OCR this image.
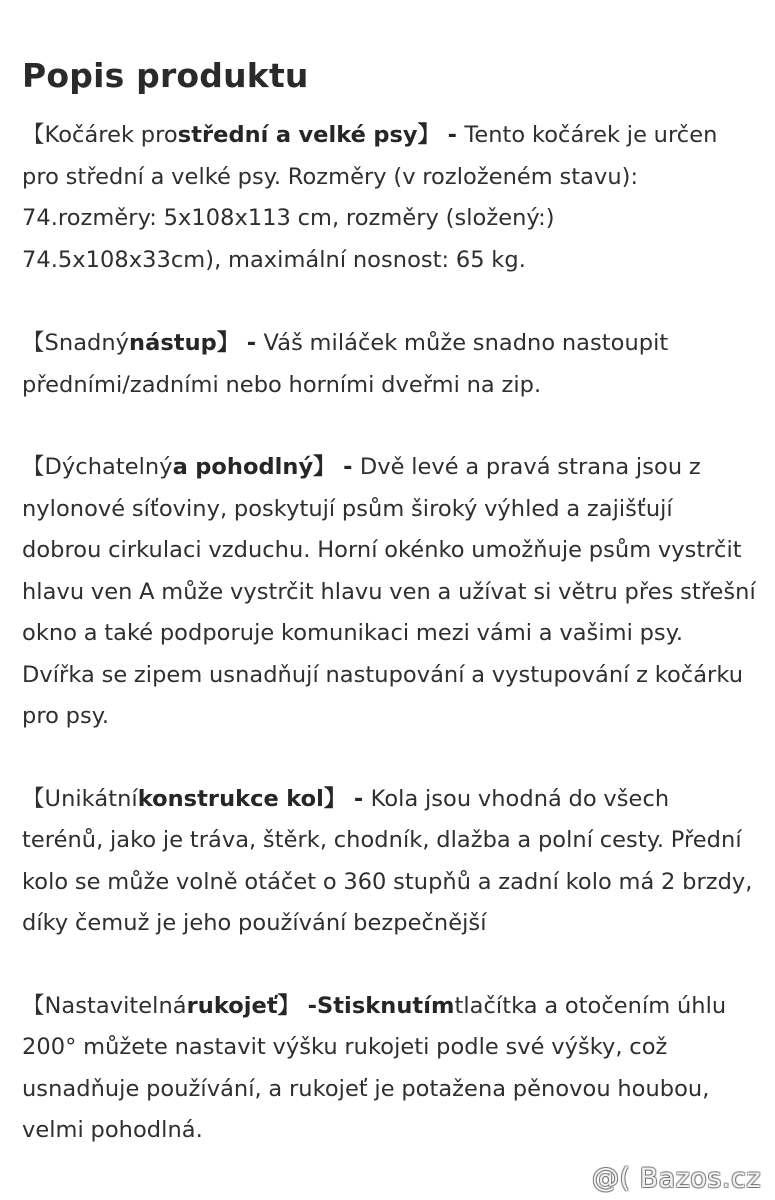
Popis produktu

【Kočárek prostřední a velké psy】 - Tento kočárek je určen pro střední a velké psy. Rozměry (v rozloženém stavu): 74.rozměry: 5x108x113 cm, rozměry (složený:) 74.5x108x33cm), maximální nosnost: 65 kg.

【Snadnýnástup】 - Váš miláček může snadno nastoupit předními/zadními nebo horními dveřmi na zip.

【Dýchatelnýa pohodlný】 - Dvě levé a pravá strana jsou z nylonové síťoviny, poskytují psům široký výhled a zajišťují dobrou cirkulaci vzduchu. Horní okénko umožňuje psům vystrčit hlavu ven A může vystrčit hlavu ven a užívat si větru přes střešní okno a také podporuje komunikaci mezi vámi a vašimi psy. Dvířka se zipem usnadňují nastupování a vystupování z kočárku pro psy.

【Unikátníkonstrukce kol】 - Kola jsou vhodná do všech terénů, jako je tráva, štěrk, chodník, dlažba a polní cesty. Přední kolo se může volně otáčet o 360 stupňů a zadní kolo má 2 brzdy, díky čemuž je jeho používání bezpečnější

【Nastavitelnárukojeť】 -Stisknutímtlačítka a otočením úhlu 200° můžete nastavit výšku rukojeti podle své výšky, což usnadňuje používání, a rukojeť je potažena pěnovou houbou, velmi pohodlná.

@( Bazos.cz
